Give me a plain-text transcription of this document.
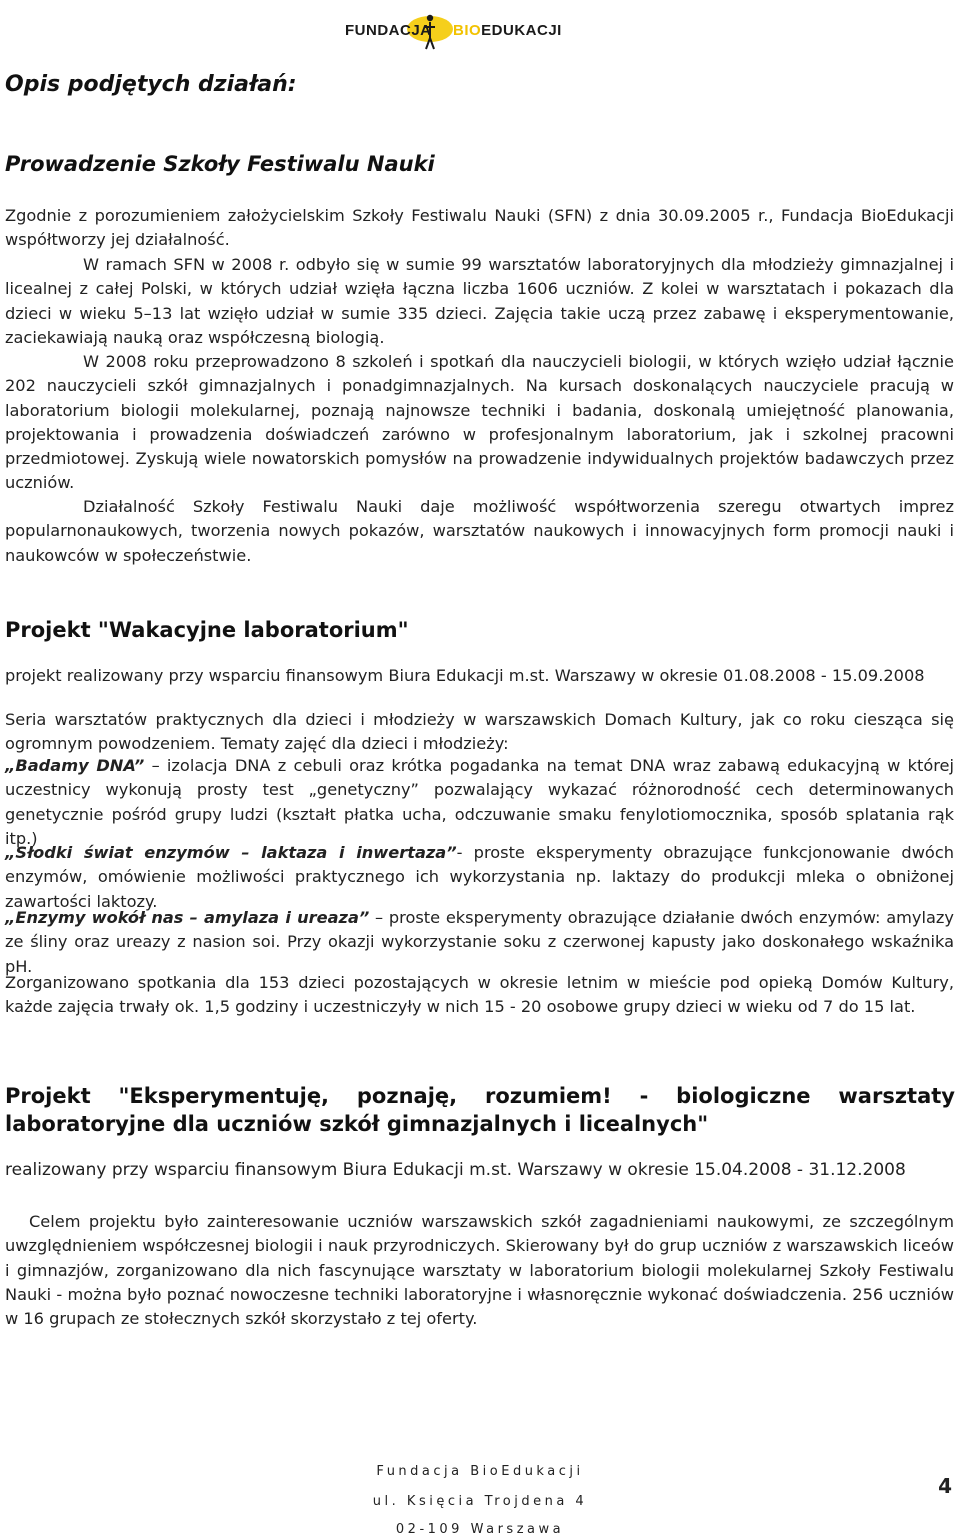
FUNDACJA BIOEDUKACJI
Opis podjętych działań:
Prowadzenie Szkoły Festiwalu Nauki

Zgodnie z porozumieniem założycielskim Szkoły Festiwalu Nauki (SFN) z dnia 30.09.2005 r., Fundacja BioEdukacji współtworzy jej działalność.

W ramach SFN w 2008 r. odbyło się w sumie 99 warsztatów laboratoryjnych dla młodzieży gimnazjalnej i licealnej z całej Polski, w których udział wzięła łączna liczba 1606 uczniów. Z kolei w warsztatach i pokazach dla dzieci w wieku 5–13 lat wzięło udział w sumie 335 dzieci. Zajęcia takie uczą przez zabawę i eksperymentowanie, zaciekawiają nauką oraz współczesną biologią.

W 2008 roku przeprowadzono 8 szkoleń i spotkań dla nauczycieli biologii, w których wzięło udział łącznie 202 nauczycieli szkół gimnazjalnych i ponadgimnazjalnych. Na kursach doskonalących nauczyciele pracują w laboratorium biologii molekularnej, poznają najnowsze techniki i badania, doskonalą umiejętność planowania, projektowania i prowadzenia doświadczeń zarówno w profesjonalnym laboratorium, jak i szkolnej pracowni przedmiotowej. Zyskują wiele nowatorskich pomysłów na prowadzenie indywidualnych projektów badawczych przez uczniów.

Działalność Szkoły Festiwalu Nauki daje możliwość współtworzenia szeregu otwartych imprez popularnonaukowych, tworzenia nowych pokazów, warsztatów naukowych i innowacyjnych form promocji nauki i naukowców w społeczeństwie.

Projekt "Wakacyjne laboratorium"

projekt realizowany przy wsparciu finansowym Biura Edukacji m.st. Warszawy w okresie 01.08.2008 - 15.09.2008

Seria warsztatów praktycznych dla dzieci i młodzieży w warszawskich Domach Kultury, jak co roku ciesząca się ogromnym powodzeniem. Tematy zajęć dla dzieci i młodzieży:

„Badamy DNA” – izolacja DNA z cebuli oraz krótka pogadanka na temat DNA wraz zabawą edukacyjną w której uczestnicy wykonują prosty test „genetyczny” pozwalający wykazać różnorodność cech determinowanych genetycznie pośród grupy ludzi (kształt płatka ucha, odczuwanie smaku fenylotiomocznika, sposób splatania rąk itp.)

„Słodki świat enzymów – laktaza i inwertaza”- proste eksperymenty obrazujące funkcjonowanie dwóch enzymów, omówienie możliwości praktycznego ich wykorzystania np. laktazy do produkcji mleka o obniżonej zawartości laktozy.

„Enzymy wokół nas – amylaza i ureaza” – proste eksperymenty obrazujące działanie dwóch enzymów: amylazy ze śliny oraz ureazy z nasion soi. Przy okazji wykorzystanie soku z czerwonej kapusty jako doskonałego wskaźnika pH.

Zorganizowano spotkania dla 153 dzieci pozostających w okresie letnim w mieście pod opieką Domów Kultury, każde zajęcia trwały ok. 1,5 godziny i uczestniczyły w nich 15 - 20 osobowe grupy dzieci w wieku od 7 do 15 lat.

Projekt "Eksperymentuję, poznaję, rozumiem! - biologiczne warsztaty laboratoryjne dla uczniów szkół gimnazjalnych i licealnych"

realizowany przy wsparciu finansowym Biura Edukacji m.st. Warszawy w okresie 15.04.2008 - 31.12.2008

Celem projektu było zainteresowanie uczniów warszawskich szkół zagadnieniami naukowymi, ze szczególnym uwzględnieniem współczesnej biologii i nauk przyrodniczych. Skierowany był do grup uczniów z warszawskich liceów i gimnazjów, zorganizowano dla nich fascynujące warsztaty w laboratorium biologii molekularnej Szkoły Festiwalu Nauki - można było poznać nowoczesne techniki laboratoryjne i własnoręcznie wykonać doświadczenia. 256 uczniów w 16 grupach ze stołecznych szkół skorzystało z tej oferty.

Fundacja BioEdukacji
ul. Księcia Trojdena 4
02-109 Warszawa
4
